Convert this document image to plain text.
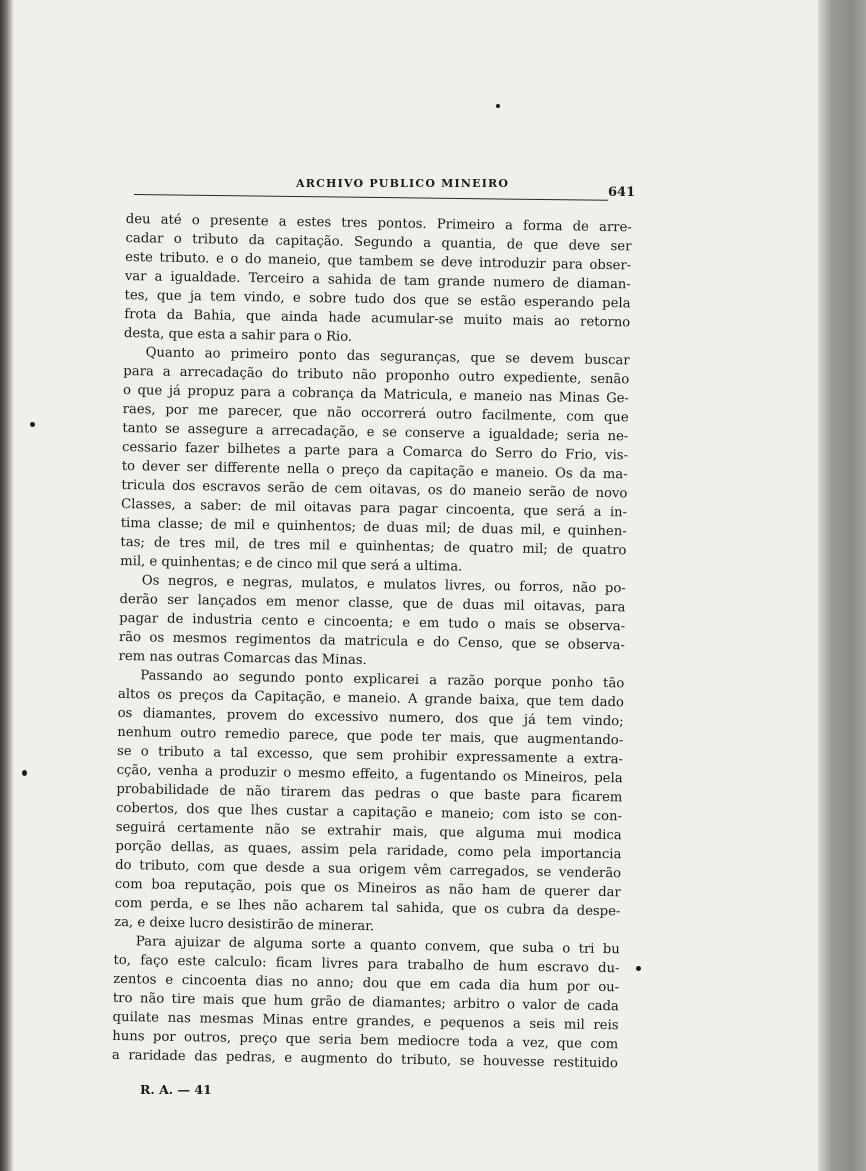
ARCHIVO PUBLICO MINEIRO
641
deu até o presente a estes tres pontos. Primeiro a forma de arre-
cadar o tributo da capitação. Segundo a quantia, de que deve ser
este tributo. e o do maneio, que tambem se deve introduzir para obser-
var a igualdade. Terceiro a sahida de tam grande numero de diaman-
tes, que ja tem vindo, e sobre tudo dos que se estão esperando pela
frota da Bahia, que ainda hade acumular-se muito mais ao retorno
desta, que esta a sahir para o Rio.
Quanto ao primeiro ponto das seguranças, que se devem buscar
para a arrecadação do tributo não proponho outro expediente, senão
o que já propuz para a cobrança da Matricula, e maneio nas Minas Ge-
raes, por me parecer, que não occorrerá outro facilmente, com que
tanto se assegure a arrecadação, e se conserve a igualdade; seria ne-
cessario fazer bilhetes a parte para a Comarca do Serro do Frio, vis-
to dever ser differente nella o preço da capitação e maneio. Os da ma-
tricula dos escravos serão de cem oitavas, os do maneio serão de novo
Classes, a saber: de mil oitavas para pagar cincoenta, que será a in-
tima classe; de mil e quinhentos; de duas mil; de duas mil, e quinhen-
tas; de tres mil, de tres mil e quinhentas; de quatro mil; de quatro
mil, e quinhentas; e de cinco mil que será a ultima.
Os negros, e negras, mulatos, e mulatos livres, ou forros, não po-
derão ser lançados em menor classe, que de duas mil oitavas, para
pagar de industria cento e cincoenta; e em tudo o mais se observa-
rão os mesmos regimentos da matricula e do Censo, que se observa-
rem nas outras Comarcas das Minas.
Passando ao segundo ponto explicarei a razão porque ponho tão
altos os preços da Capitação, e maneio. A grande baixa, que tem dado
os diamantes, provem do excessivo numero, dos que já tem vindo;
nenhum outro remedio parece, que pode ter mais, que augmentando-
se o tributo a tal excesso, que sem prohibir expressamente a extra-
cção, venha a produzir o mesmo effeito, a fugentando os Mineiros, pela
probabilidade de não tirarem das pedras o que baste para ficarem
cobertos, dos que lhes custar a capitação e maneio; com isto se con-
seguirá certamente não se extrahir mais, que alguma mui modica
porção dellas, as quaes, assim pela raridade, como pela importancia
do tributo, com que desde a sua origem vêm carregados, se venderão
com boa reputação, pois que os Mineiros as não ham de querer dar
com perda, e se lhes não acharem tal sahida, que os cubra da despe-
za, e deixe lucro desistirão de minerar.
Para ajuizar de alguma sorte a quanto convem, que suba o tri bu
to, faço este calculo: ficam livres para trabalho de hum escravo du-
zentos e cincoenta dias no anno; dou que em cada dia hum por ou-
tro não tire mais que hum grão de diamantes; arbitro o valor de cada
quilate nas mesmas Minas entre grandes, e pequenos a seis mil reis
huns por outros, preço que seria bem mediocre toda a vez, que com
a raridade das pedras, e augmento do tributo, se houvesse restituido
R. A. — 41
